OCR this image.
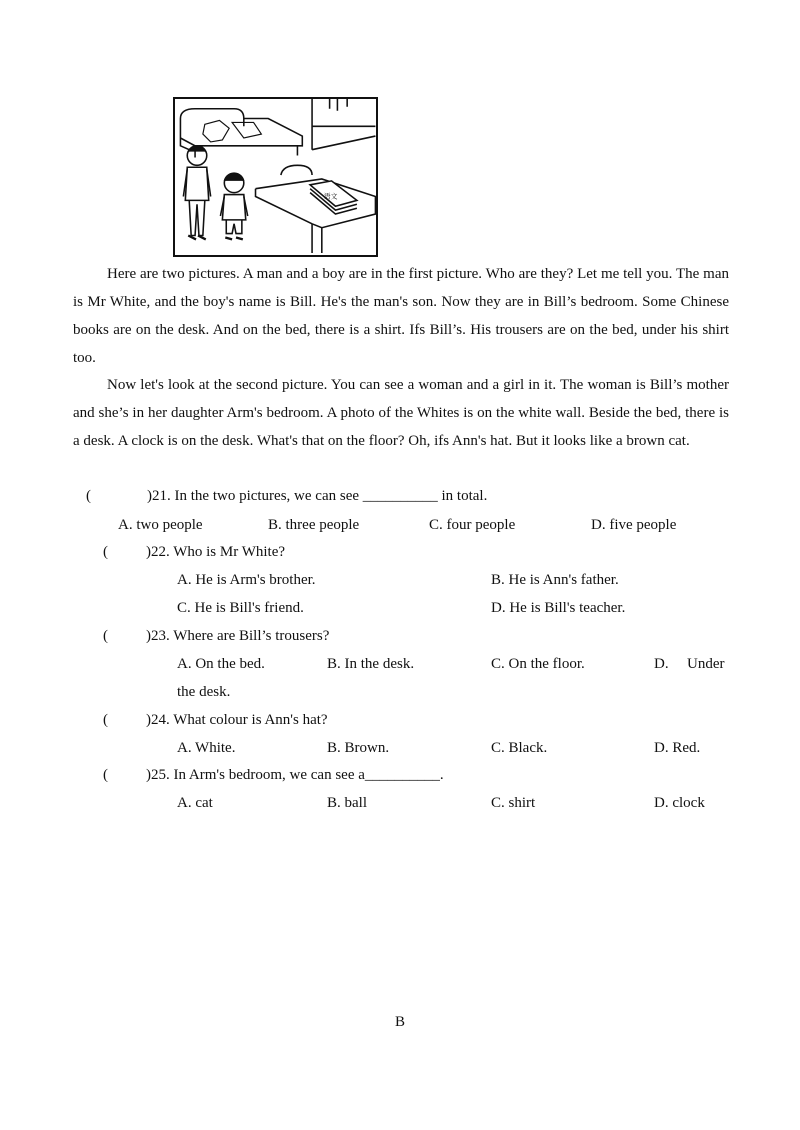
语文

Here are two pictures. A man and a boy are in the first picture. Who are they? Let me tell you. The man is Mr White, and the boy's name is Bill. He's the man's son. Now they are in Bill’s bedroom. Some Chinese books are on the desk. And on the bed, there is a shirt. Ifs Bill’s. His trousers are on the bed, under his shirt too.

Now let's look at the second picture. You can see a woman and a girl in it. The woman is Bill’s mother and she’s in her daughter Arm's bedroom. A photo of the Whites is on the white wall. Beside the bed, there is a desk. A clock is on the desk. What's that on the floor? Oh, ifs Ann's hat. But it looks like a brown cat.

(	)21. In the two pictures, we can see __________ in total.
A. two people	B. three people	C. four people	D. five people
(	)22. Who is Mr White?
A. He is Arm's brother.	B. He is Ann's father.
C. He is Bill's friend.	D. He is Bill's teacher.
(	)23. Where are Bill’s trousers?
A. On the bed.	B. In the desk.	C. On the floor.	D. Under
the desk.
(	)24. What colour is Ann's hat?
A. White.	B. Brown.	C. Black.	D. Red.
(	)25. In Arm's bedroom, we can see a__________.
A. cat	B. ball	C. shirt	D. clock
B
